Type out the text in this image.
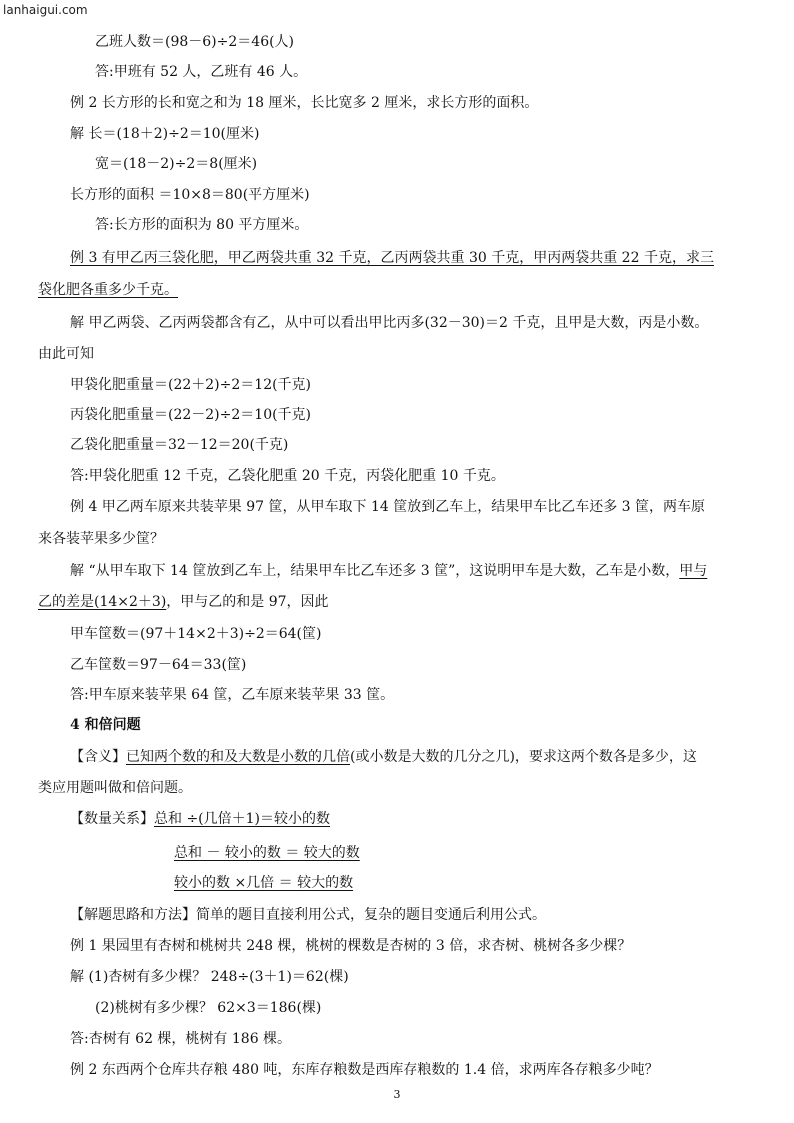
lanhaigui.com
乙班人数＝(98－6)÷2＝46(人)
答:甲班有 52 人，乙班有 46 人。
例 2 长方形的长和宽之和为 18 厘米，长比宽多 2 厘米，求长方形的面积。
解 长＝(18＋2)÷2＝10(厘米)
宽＝(18－2)÷2＝8(厘米)
长方形的面积 ＝10×8＝80(平方厘米)
答:长方形的面积为 80 平方厘米。
例 3 有甲乙丙三袋化肥，甲乙两袋共重 32 千克，乙丙两袋共重 30 千克，甲丙两袋共重 22 千克，求三
袋化肥各重多少千克。
解 甲乙两袋、乙丙两袋都含有乙，从中可以看出甲比丙多(32－30)＝2 千克，且甲是大数，丙是小数。
由此可知
甲袋化肥重量＝(22＋2)÷2＝12(千克)
丙袋化肥重量＝(22－2)÷2＝10(千克)
乙袋化肥重量＝32－12＝20(千克)
答:甲袋化肥重 12 千克，乙袋化肥重 20 千克，丙袋化肥重 10 千克。
例 4 甲乙两车原来共装苹果 97 筐，从甲车取下 14 筐放到乙车上，结果甲车比乙车还多 3 筐，两车原
来各装苹果多少筐？
解 “从甲车取下 14 筐放到乙车上，结果甲车比乙车还多 3 筐”，这说明甲车是大数，乙车是小数，甲与
乙的差是(14×2＋3)，甲与乙的和是 97，因此
甲车筐数＝(97＋14×2＋3)÷2＝64(筐)
乙车筐数＝97－64＝33(筐)
答:甲车原来装苹果 64 筐，乙车原来装苹果 33 筐。
4 和倍问题
【含义】已知两个数的和及大数是小数的几倍(或小数是大数的几分之几)，要求这两个数各是多少，这
类应用题叫做和倍问题。
【数量关系】总和 ÷(几倍＋1)＝较小的数
总和 － 较小的数 ＝ 较大的数
较小的数 ×几倍 ＝ 较大的数
【解题思路和方法】简单的题目直接利用公式，复杂的题目变通后利用公式。
例 1 果园里有杏树和桃树共 248 棵，桃树的棵数是杏树的 3 倍，求杏树、桃树各多少棵？
解 (1)杏树有多少棵？ 248÷(3＋1)＝62(棵)
(2)桃树有多少棵？ 62×3＝186(棵)
答:杏树有 62 棵，桃树有 186 棵。
例 2 东西两个仓库共存粮 480 吨，东库存粮数是西库存粮数的 1.4 倍，求两库各存粮多少吨？
3
